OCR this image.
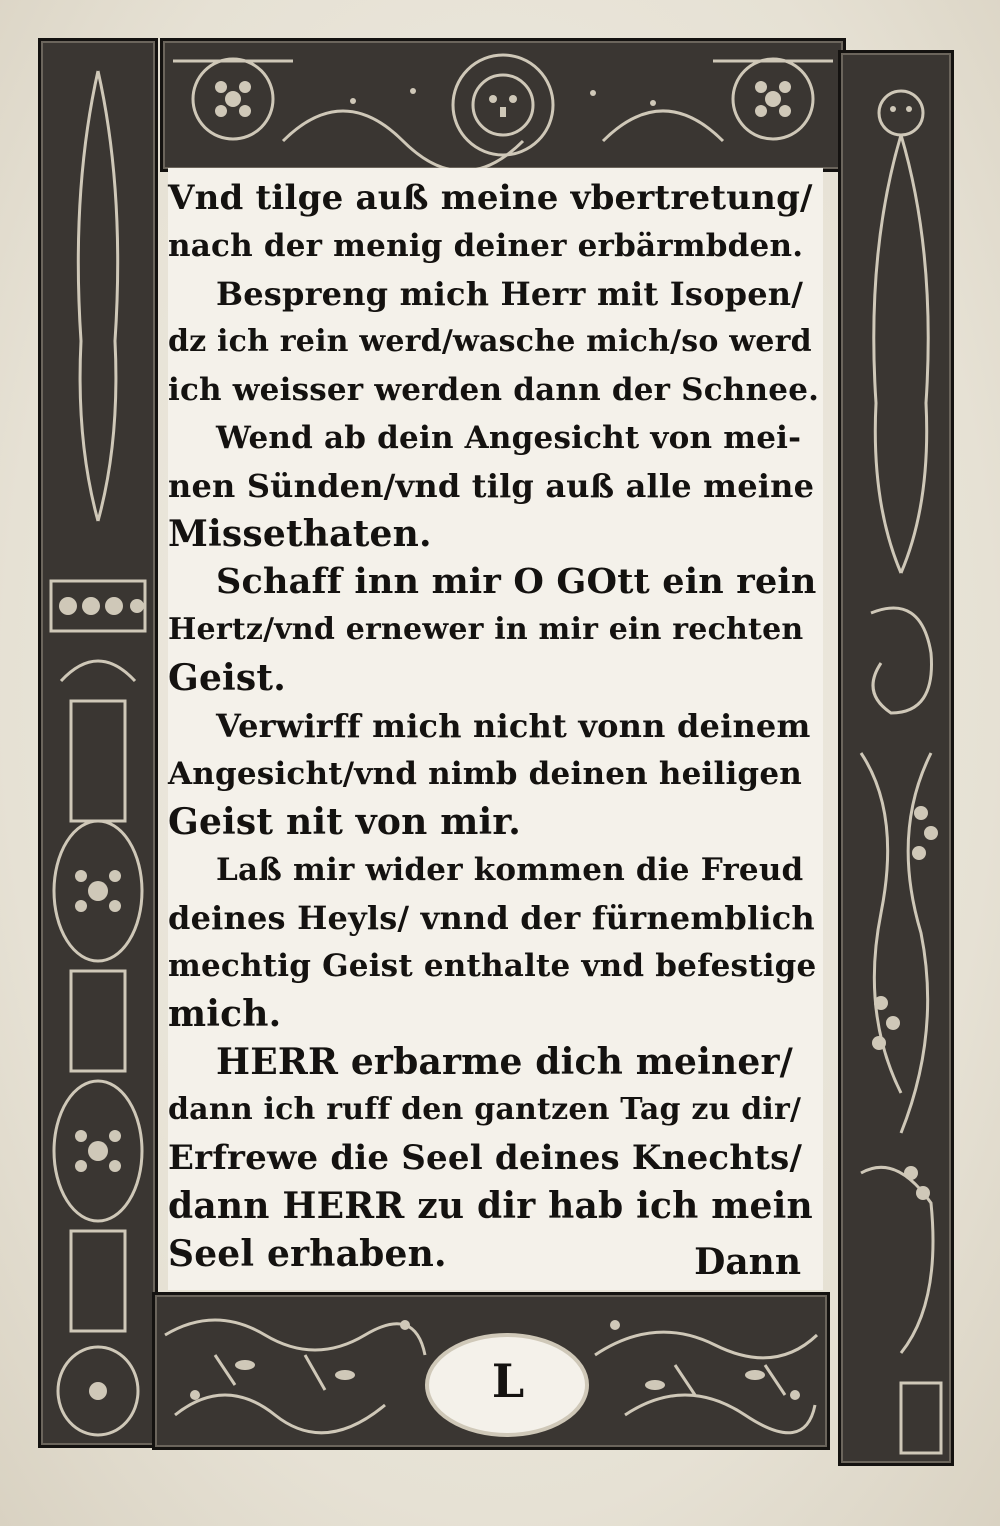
L
Vnd tilge auß meine vbertretung/
nach der menig deiner erbärmbden.
Bespreng mich Herr mit Isopen/
dz ich rein werd/wasche mich/so werd
ich weisser werden dann der Schnee.
Wend ab dein Angesicht von mei-
nen Sünden/vnd tilg auß alle meine
Missethaten.
Schaff inn mir O GOtt ein rein
Hertz/vnd ernewer in mir ein rechten
Geist.
Verwirff mich nicht vonn deinem
Angesicht/vnd nimb deinen heiligen
Geist nit von mir.
Laß mir wider kommen die Freud
deines Heyls/ vnnd der fürnemblich
mechtig Geist enthalte vnd befestige
mich.
HERR erbarme dich meiner/
dann ich ruff den gantzen Tag zu dir/
Erfrewe die Seel deines Knechts/
dann HERR zu dir hab ich mein
Seel erhaben.	Dann
